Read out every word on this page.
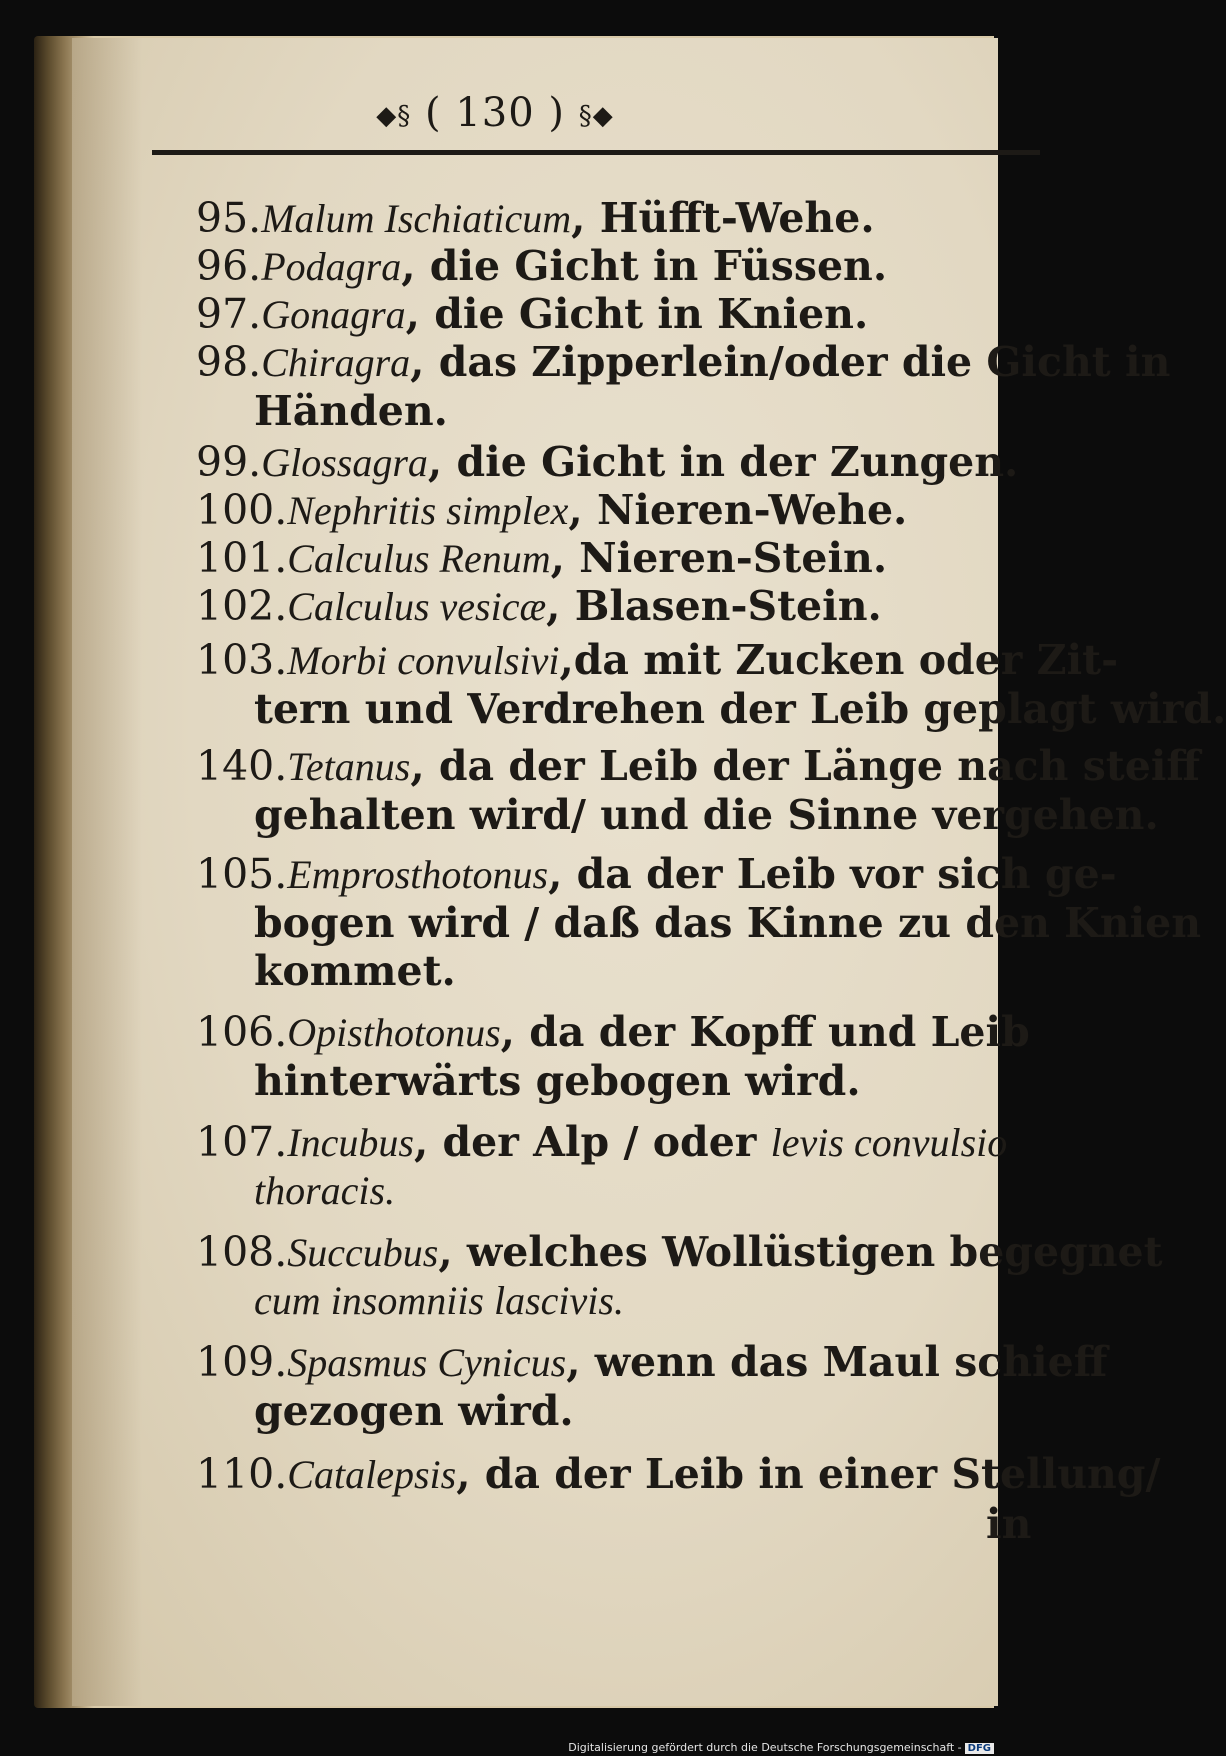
◆§ ( 130 ) §◆
95.Malum Ischiaticum, Hüfft-Wehe.
96.Podagra, die Gicht in Füssen.
97.Gonagra, die Gicht in Knien.
98.Chiragra, das Zipperlein/oder die Gicht in
Händen.
99.Glossagra, die Gicht in der Zungen.
100.Nephritis simplex, Nieren-Wehe.
101.Calculus Renum, Nieren-Stein.
102.Calculus vesicæ, Blasen-Stein.
103.Morbi convulsivi,da mit Zucken oder Zit-
tern und Verdrehen der Leib geplagt wird.
140.Tetanus, da der Leib der Länge nach steiff
gehalten wird/ und die Sinne vergehen.
105.Emprosthotonus, da der Leib vor sich ge-
bogen wird / daß das Kinne zu den Knien
kommet.
106.Opisthotonus, da der Kopff und Leib
hinterwärts gebogen wird.
107.Incubus, der Alp / oder levis convulsio
thoracis.
108.Succubus, welches Wollüstigen begegnet
cum insomniis lascivis.
109.Spasmus Cynicus, wenn das Maul schieff
gezogen wird.
110.Catalepsis, da der Leib in einer Stellung/
in
Digitalisierung gefördert durch die Deutsche Forschungsgemeinschaft - DFG
